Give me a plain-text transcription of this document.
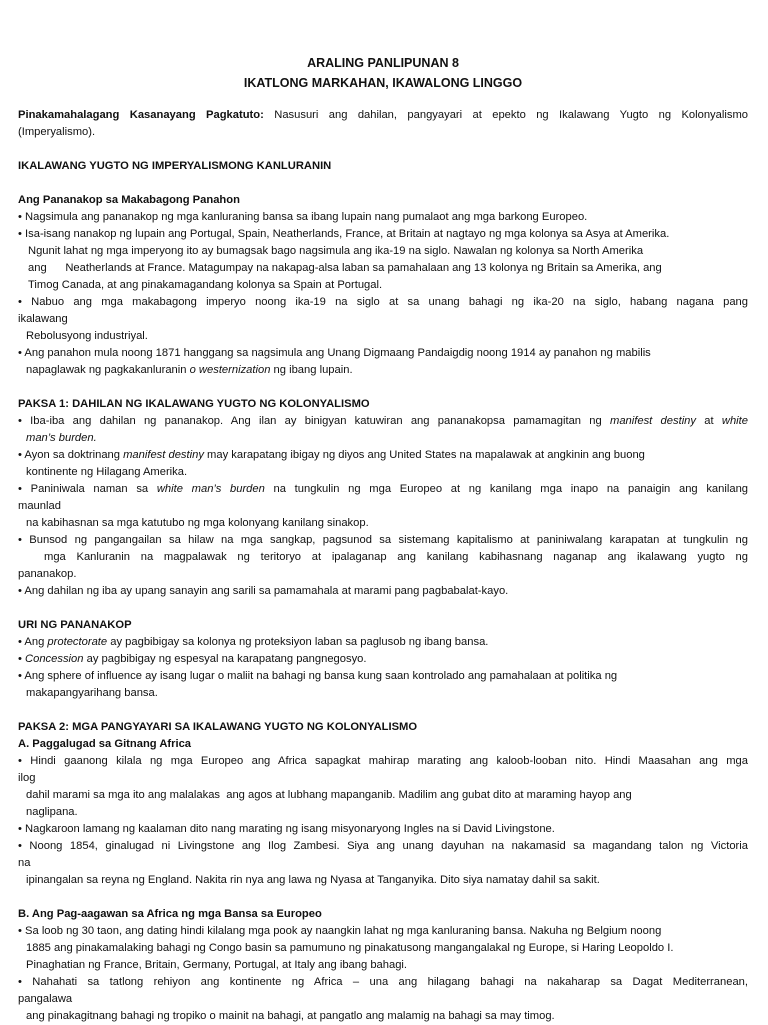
ARALING PANLIPUNAN 8
IKATLONG MARKAHAN, IKAWALONG LINGGO
Pinakamahalagang Kasanayang Pagkatuto: Nasusuri ang dahilan, pangyayari at epekto ng Ikalawang Yugto ng Kolonyalismo
(Imperyalismo).
IKALAWANG YUGTO NG IMPERYALISMONG KANLURANIN
Ang Pananakop sa Makabagong Panahon
• Nagsimula ang pananakop ng mga kanluraning bansa sa ibang lupain nang pumalaot ang mga barkong Europeo.
• Isa-isang nanakop ng lupain ang Portugal, Spain, Neatherlands, France, at Britain at nagtayo ng mga kolonya sa Asya at Amerika.
Ngunit lahat ng mga imperyong ito ay bumagsak bago nagsimula ang ika-19 na siglo. Nawalan ng kolonya sa North Amerika
ang      Neatherlands at France. Matagumpay na nakapag-alsa laban sa pamahalaan ang 13 kolonya ng Britain sa Amerika, ang
Timog Canada, at ang pinakamagandang kolonya sa Spain at Portugal.
• Nabuo ang mga makabagong imperyo noong ika-19 na siglo at sa unang bahagi ng ika-20 na siglo, habang nagana pang
ikalawang
Rebolusyong industriyal.
• Ang panahon mula noong 1871 hanggang sa nagsimula ang Unang Digmaang Pandaigdig noong 1914 ay panahon ng mabilis
napaglawak ng pagkakanluranin o westernization ng ibang lupain.
PAKSA 1: DAHILAN NG IKALAWANG YUGTO NG KOLONYALISMO
• Iba-iba ang dahilan ng pananakop. Ang ilan ay binigyan katuwiran ang pananakopsa pamamagitan ng manifest destiny at white
man’s burden.
• Ayon sa doktrinang manifest destiny may karapatang ibigay ng diyos ang United States na mapalawak at angkinin ang buong
kontinente ng Hilagang Amerika.
• Paniniwala naman sa white man’s burden na tungkulin ng mga Europeo at ng kanilang mga inapo na panaigin ang kanilang
maunlad
na kabihasnan sa mga katutubo ng mga kolonyang kanilang sinakop.
• Bunsod ng pangangailan sa hilaw na mga sangkap, pagsunod sa sistemang kapitalismo at paniniwalang karapatan at tungkulin ng
mga Kanluranin na magpalawak ng teritoryo at ipalaganap ang kanilang kabihasnang naganap ang ikalawang yugto ng
pananakop.
• Ang dahilan ng iba ay upang sanayin ang sarili sa pamamahala at marami pang pagbabalat-kayo.
URI NG PANANAKOP
• Ang protectorate ay pagbibigay sa kolonya ng proteksiyon laban sa paglusob ng ibang bansa.
• Concession ay pagbibigay ng espesyal na karapatang pangnegosyo.
• Ang sphere of influence ay isang lugar o maliit na bahagi ng bansa kung saan kontrolado ang pamahalaan at politika ng
makapangyarihang bansa.
PAKSA 2: MGA PANGYAYARI SA IKALAWANG YUGTO NG KOLONYALISMO
A. Paggalugad sa Gitnang Africa
• Hindi gaanong kilala ng mga Europeo ang Africa sapagkat mahirap marating ang kaloob-looban nito. Hindi Maasahan ang mga
ilog
dahil marami sa mga ito ang malalakas  ang agos at lubhang mapanganib. Madilim ang gubat dito at maraming hayop ang
naglipana.
• Nagkaroon lamang ng kaalaman dito nang marating ng isang misyonaryong Ingles na si David Livingstone.
• Noong 1854, ginalugad ni Livingstone ang Ilog Zambesi. Siya ang unang dayuhan na nakamasid sa magandang talon ng Victoria
na
ipinangalan sa reyna ng England. Nakita rin nya ang lawa ng Nyasa at Tanganyika. Dito siya namatay dahil sa sakit.
B. Ang Pag-aagawan sa Africa ng mga Bansa sa Europeo
• Sa loob ng 30 taon, ang dating hindi kilalang mga pook ay naangkin lahat ng mga kanluraning bansa. Nakuha ng Belgium noong
1885 ang pinakamalaking bahagi ng Congo basin sa pamumuno ng pinakatusong mangangalakal ng Europe, si Haring Leopoldo I.
Pinaghatian ng France, Britain, Germany, Portugal, at Italy ang ibang bahagi.
• Nahahati sa tatlong rehiyon ang kontinente ng Africa – una ang hilagang bahagi na nakaharap sa Dagat Mediterranean,
pangalawa
ang pinakagitnang bahagi ng tropiko o mainit na bahagi, at pangatlo ang malamig na bahagi sa may timog.
